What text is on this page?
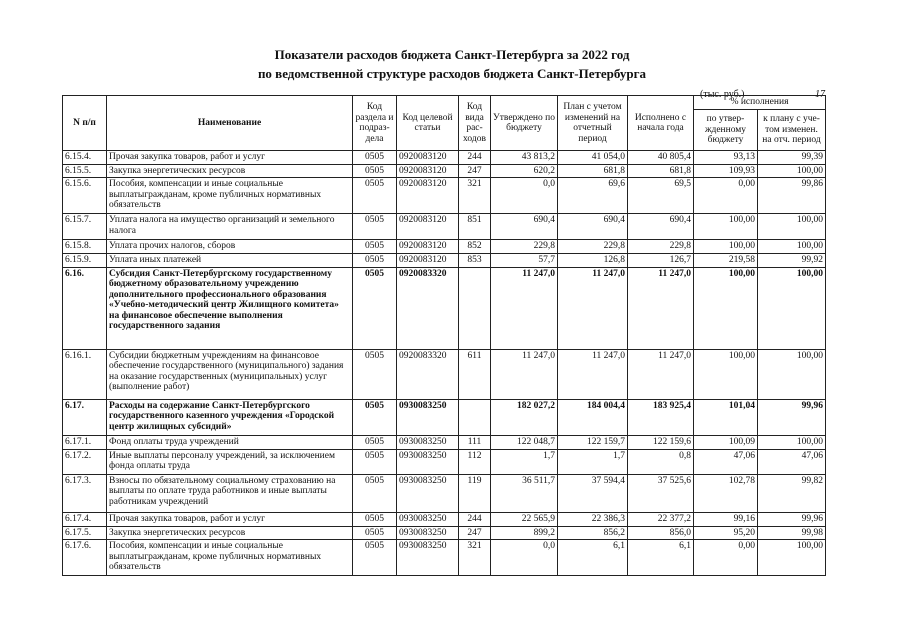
Показатели расходов бюджета Санкт-Петербурга за 2022 год
по ведомственной структуре расходов бюджета Санкт-Петербурга
(тыс. руб.)	17
N п/п	Наименование	Код раздела и подраз-дела	Код целевой статьи	Код вида рас-ходов	Утверждено по бюджету	План с учетом изменений на отчетный период	Исполнено с начала года	% исполнения	
								по утвер-жденному бюджету	к плану с уче-том изменен. на отч. период
6.15.4.	Прочая закупка товаров, работ и услуг	0505	0920083120	244	43 813,2	41 054,0	40 805,4	93,13	99,39
6.15.5.	Закупка энергетических ресурсов	0505	0920083120	247	620,2	681,8	681,8	109,93	100,00
6.15.6.	Пособия, компенсации и иные социальные выплатыгражданам, кроме публичных нормативных обязательств	0505	0920083120	321	0,0	69,6	69,5	0,00	99,86
6.15.7.	Уплата налога на имущество организаций и земельного налога	0505	0920083120	851	690,4	690,4	690,4	100,00	100,00
6.15.8.	Уплата прочих налогов, сборов	0505	0920083120	852	229,8	229,8	229,8	100,00	100,00
6.15.9.	Уплата иных платежей	0505	0920083120	853	57,7	126,8	126,7	219,58	99,92
6.16.	Субсидия Санкт-Петербургскому государственному бюджетному образовательному учреждению дополнительного профессионального образования «Учебно-методический центр Жилищного комитета» на финансовое обеспечение выполнения государственного задания	0505	0920083320		11 247,0	11 247,0	11 247,0	100,00	100,00
6.16.1.	Субсидии бюджетным учреждениям на финансовое обеспечение государственного (муниципального) задания на оказание государственных (муниципальных) услуг (выполнение работ)	0505	0920083320	611	11 247,0	11 247,0	11 247,0	100,00	100,00
6.17.	Расходы на содержание Санкт-Петербургского государственного казенного учреждения «Городской центр жилищных субсидий»	0505	0930083250		182 027,2	184 004,4	183 925,4	101,04	99,96
6.17.1.	Фонд оплаты труда учреждений	0505	0930083250	111	122 048,7	122 159,7	122 159,6	100,09	100,00
6.17.2.	Иные выплаты персоналу учреждений, за исключением фонда оплаты труда	0505	0930083250	112	1,7	1,7	0,8	47,06	47,06
6.17.3.	Взносы по обязательному социальному страхованию на выплаты по оплате труда работников и иные выплаты работникам учреждений	0505	0930083250	119	36 511,7	37 594,4	37 525,6	102,78	99,82
6.17.4.	Прочая закупка товаров, работ и услуг	0505	0930083250	244	22 565,9	22 386,3	22 377,2	99,16	99,96
6.17.5.	Закупка энергетических ресурсов	0505	0930083250	247	899,2	856,2	856,0	95,20	99,98
6.17.6.	Пособия, компенсации и иные социальные выплатыгражданам, кроме публичных нормативных обязательств	0505	0930083250	321	0,0	6,1	6,1	0,00	100,00
